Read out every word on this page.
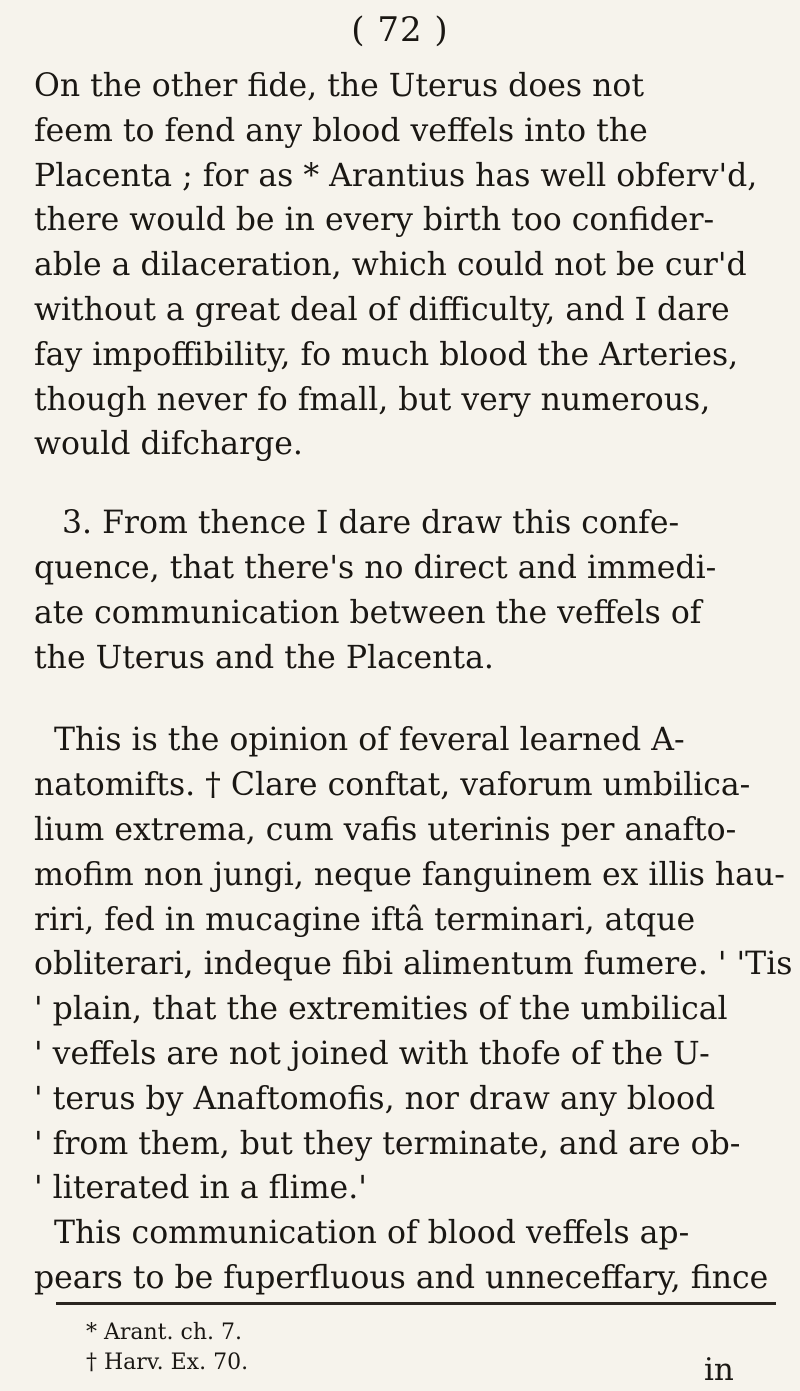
( 72 )
On the other fide, the Uterus does not
feem to fend any blood veffels into the
Placenta ; for as * Arantius has well obferv'd,
there would be in every birth too confider-
able a dilaceration, which could not be cur'd
without a great deal of difficulty, and I dare
fay impoffibility, fo much blood the Arteries,
though never fo fmall, but very numerous,
would difcharge.
3. From thence I dare draw this confe-
quence, that there's no direct and immedi-
ate communication between the veffels of
the Uterus and the Placenta.
This is the opinion of feveral learned A-
natomifts. † Clare conftat, vaforum umbilica-
lium extrema, cum vafis uterinis per anafto-
mofim non jungi, neque fanguinem ex illis hau-
riri, fed in mucagine iftâ terminari, atque
obliterari, indeque fibi alimentum fumere. ' 'Tis
' plain, that the extremities of the umbilical
' veffels are not joined with thofe of the U-
' terus by Anaftomofis, nor draw any blood
' from them, but they terminate, and are ob-
' literated in a flime.'
This communication of blood veffels ap-
pears to be fuperfluous and unneceffary, fince
* Arant. ch. 7.
† Harv. Ex. 70.	in
